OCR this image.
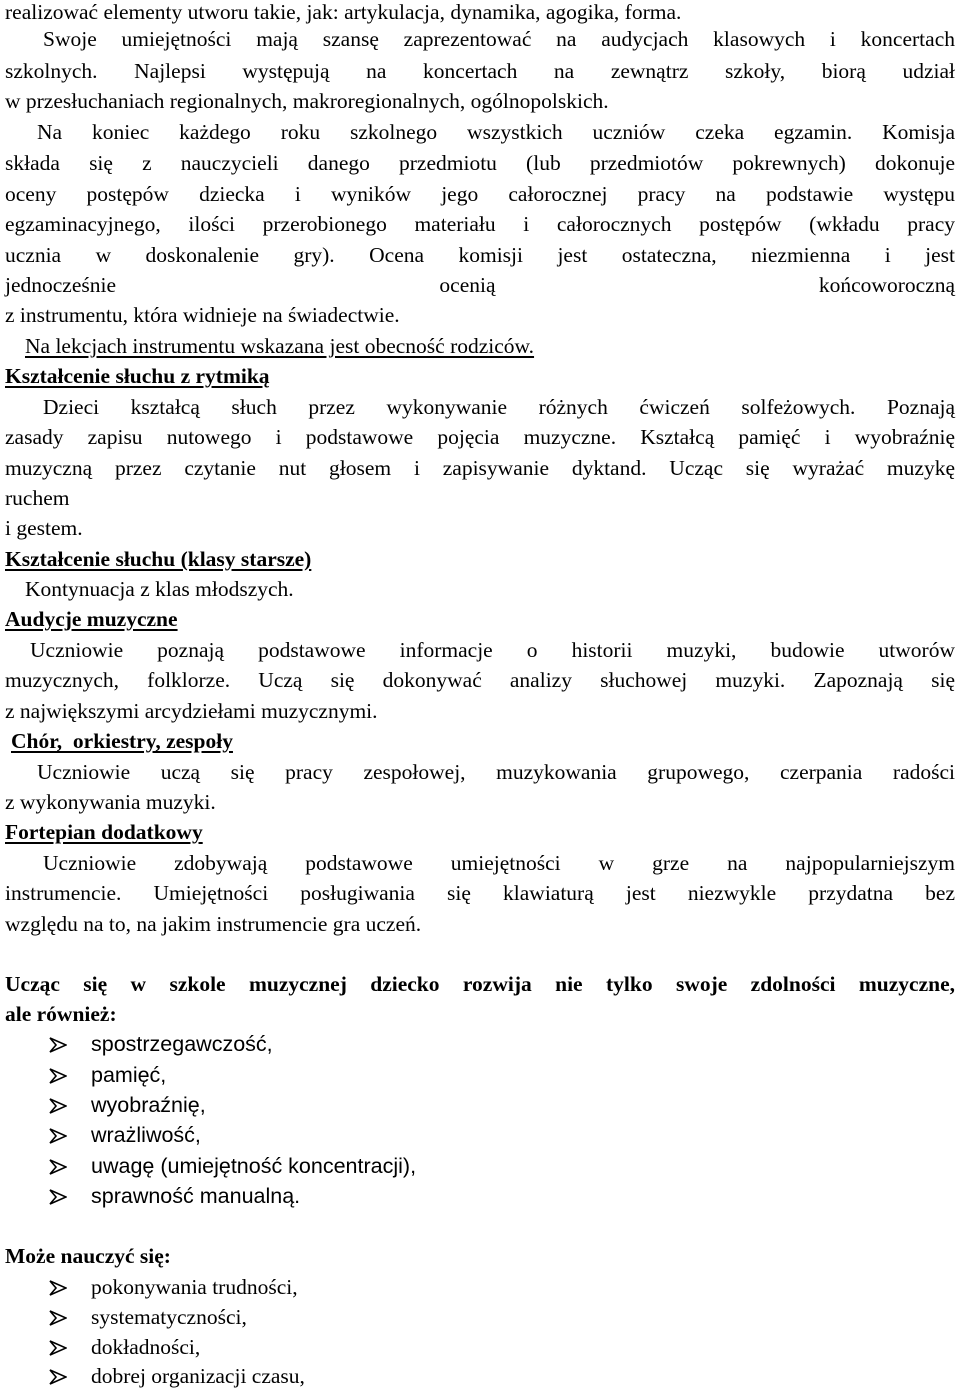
realizować elementy utworu takie, jak: artykulacja, dynamika, agogika, forma.
Swoje umiejętności mają szansę zaprezentować na audycjach klasowych i koncertach
szkolnych. Najlepsi występują na koncertach na zewnątrz szkoły, biorą udział
w przesłuchaniach regionalnych, makroregionalnych, ogólnopolskich.
Na koniec każdego roku szkolnego wszystkich uczniów czeka egzamin. Komisja
składa się z nauczycieli danego przedmiotu (lub przedmiotów pokrewnych) dokonuje
oceny postępów dziecka i wyników jego całorocznej pracy na podstawie występu
egzaminacyjnego, ilości przerobionego materiału i całorocznych postępów (wkładu pracy
ucznia w doskonalenie gry). Ocena komisji jest ostateczna, niezmienna i jest
jednocześnie ocenią końcoworoczną
z instrumentu, która widnieje na świadectwie.
Na lekcjach instrumentu wskazana jest obecność rodziców.
Kształcenie słuchu z rytmiką
Dzieci kształcą słuch przez wykonywanie różnych ćwiczeń solfeżowych. Poznają
zasady zapisu nutowego i podstawowe pojęcia muzyczne. Kształcą pamięć i wyobraźnię
muzyczną przez czytanie nut głosem i zapisywanie dyktand. Ucząc się wyrażać muzykę
ruchem
i gestem.
Kształcenie słuchu (klasy starsze)
Kontynuacja z klas młodszych.
Audycje muzyczne
Uczniowie poznają podstawowe informacje o historii muzyki, budowie utworów
muzycznych, folklorze. Uczą się dokonywać analizy słuchowej muzyki. Zapoznają się
z największymi arcydziełami muzycznymi.
Chór,  orkiestry, zespoły
Uczniowie uczą się pracy zespołowej, muzykowania grupowego, czerpania radości
z wykonywania muzyki.
Fortepian dodatkowy
Uczniowie zdobywają podstawowe umiejętności w grze na najpopularniejszym
instrumencie. Umiejętności posługiwania się klawiaturą jest niezwykle przydatna bez
względu na to, na jakim instrumencie gra uczeń.
Ucząc się w szkole muzycznej dziecko rozwija nie tylko swoje zdolności muzyczne,
ale również:
spostrzegawczość,
pamięć,
wyobraźnię,
wrażliwość,
uwagę (umiejętność koncentracji),
sprawność manualną.
Może nauczyć się:
pokonywania trudności,
systematyczności,
dokładności,
dobrej organizacji czasu,
